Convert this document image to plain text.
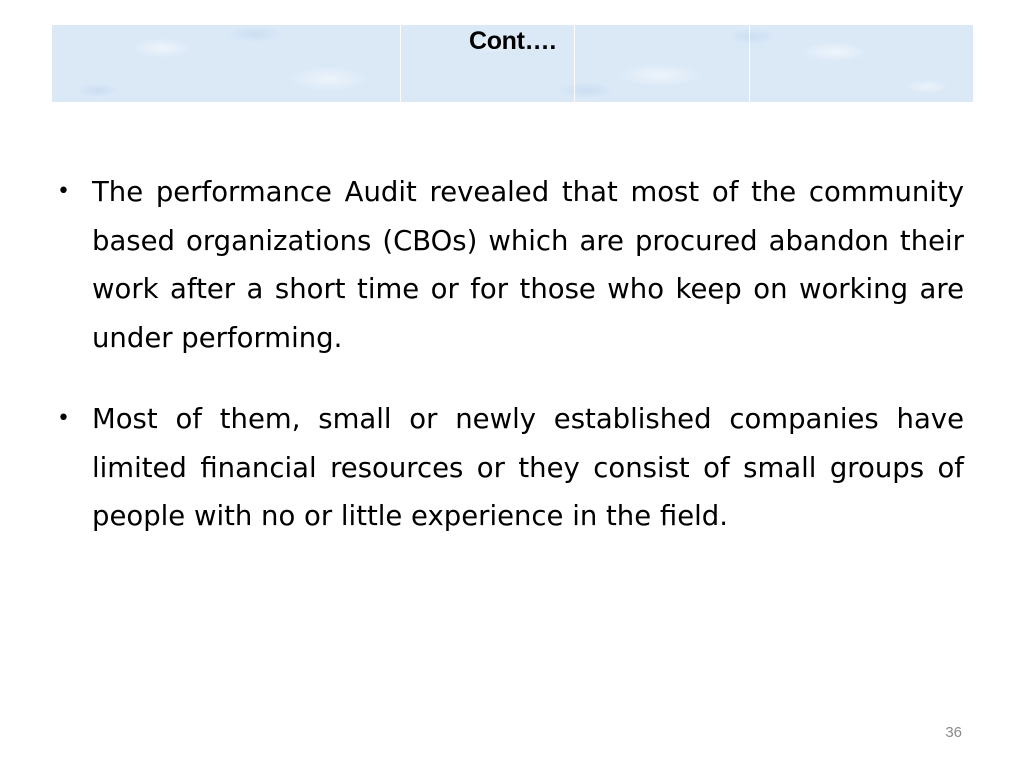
Cont….
• The performance Audit revealed that most of the community based organizations (CBOs) which are procured abandon their work after a short time or for those who keep on working are under performing.
• Most of them, small or newly established companies have limited financial resources or they consist of small groups of people with no or little experience in the field.
36
